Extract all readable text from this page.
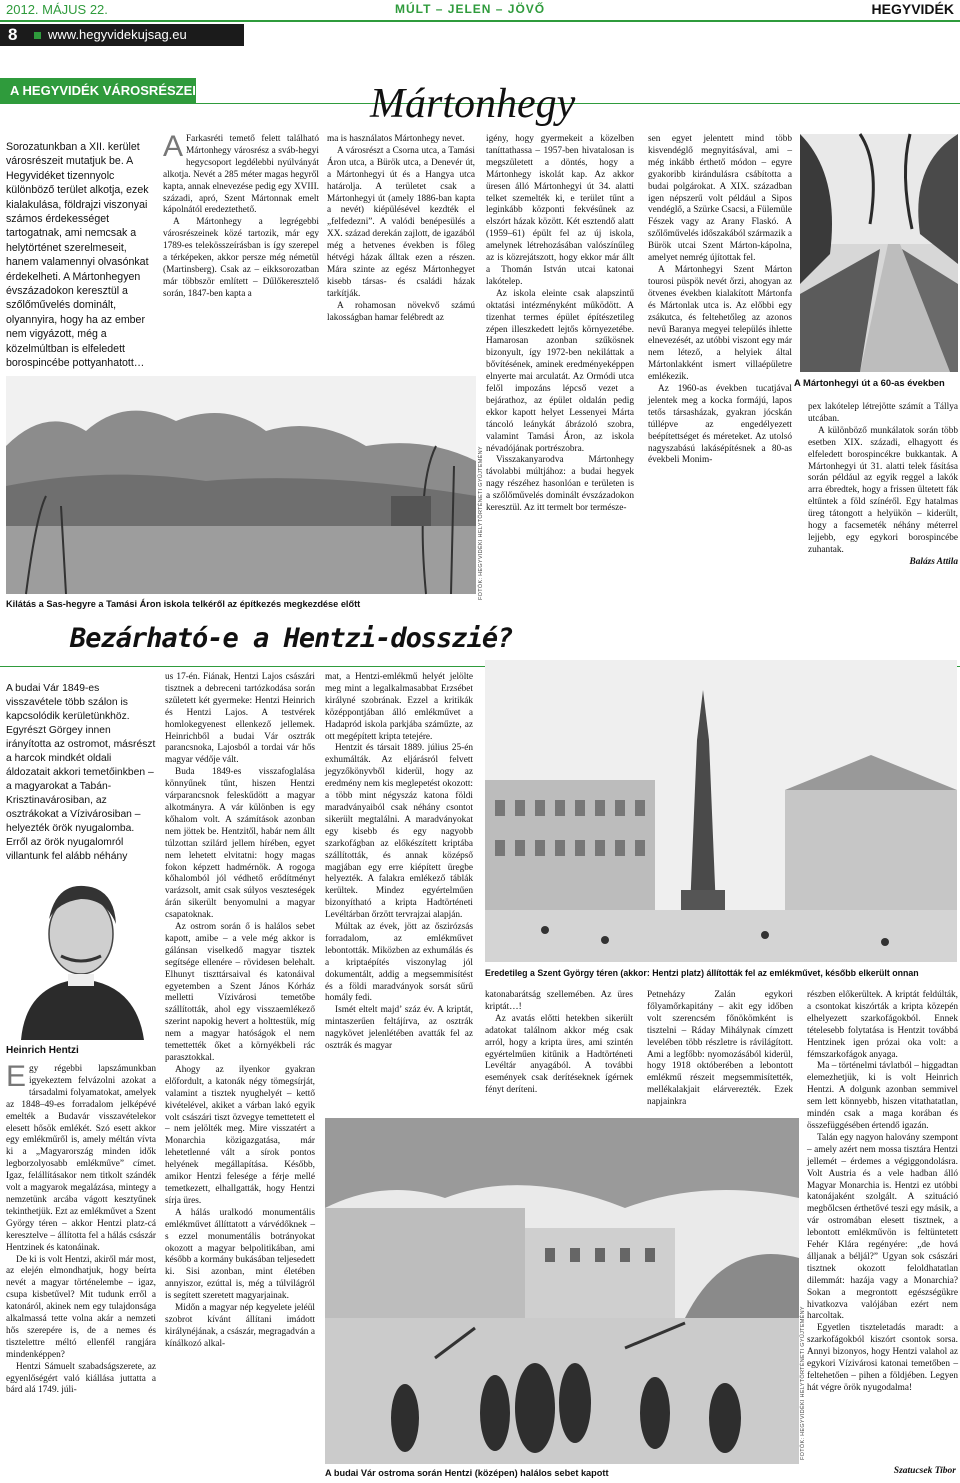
2012. MÁJUS 22.	MÚLT – JELEN – JÖVŐ	HEGYVIDÉK
8 www.hegyvidekujsag.eu
A HEGYVIDÉK VÁROSRÉSZEI	Mártonhegy
Sorozatunkban a XII. kerület városrészeit mutatjuk be. A Hegyvidéket tizennyolc különböző terület alkotja, ezek kialakulása, földrajzi viszonyai számos érdekességet tartogatnak, ami nemcsak a helytörténet szerelmeseit, hanem valamennyi olvasónkat érdekelheti. A Mártonhegyen évszázadokon keresztül a szőlőművelés dominált, olyannyira, hogy ha az ember nem vigyázott, még a közelmúltban is elfeledett borospincébe pottyanhatott…
A Farkasréti temető felett található Mártonhegy városrész a sváb-hegyi hegycsoport legdélebbi nyúlványát alkotja. Nevét a 285 méter magas hegyről kapta, annak elnevezése pedig egy XVIII. századi, apró, Szent Mártonnak emelt kápolnától eredeztethető.

A Mártonhegy a legrégebbi városrészeinek közé tartozik, már egy 1789-es telekösszeírásban is így szerepel a térképeken, akkor persze még németül (Martinsberg). Csak az – eikksorozatban már többször említett – Dűlőkeresztelő során, 1847-ben kapta a

ma is használatos Mártonhegy nevet.

A városrészt a Csorna utca, a Tamási Áron utca, a Bürök utca, a Denevér út, a Mártonhegyi út és a Hangya utca határolja. A területet csak a Mártonhegyi út (amely 1886-ban kapta a nevét) kiépülésével kezdték el „felfedezni”. A valódi benépesülés a XX. század derekán zajlott, de igazából még a hetvenes években is főleg hétvégi házak álltak ezen a részen. Mára szinte az egész Mártonhegyet kisebb társas- és családi házak tarkítják.

A rohamosan növekvő számú lakosságban hamar felébredt az

igény, hogy gyermekeit a közelben taníttathassa – 1957-ben hivatalosan is megszületett a döntés, hogy a Mártonhegy iskolát kap. Az akkor üresen álló Mártonhegyi út 34. alatti telket szemelték ki, e terület tűnt a leginkább központi fekvésűnek az elszórt házak között. Két esztendő alatt (1959–61) épült fel az új iskola, amelynek létrehozásában valószínűleg az is közrejátszott, hogy ekkor már állt a Thomán István utcai katonai lakótelep.

Az iskola eleinte csak alapszintű oktatási intézményként működött. A tizenhat termes épület építészetileg zépen illeszkedett lejtős környezetébe. Hamarosan azonban szűkösnek bizonyult, így 1972-ben nekiláttak a bővítésének, aminek eredményeképpen elnyerte mai arculatát. Az Ormódi utca felől impozáns lépcső vezet a bejárathoz, az épület oldalán pedig ekkor kapott helyet Lessenyei Márta táncoló leánykát ábrázoló szobra, valamint Tamási Áron, az iskola névadójának portrészobra.

Visszakanyarodva Mártonhegy távolabbi múltjához: a budai hegyek nagy részéhez hasonlóan e területen is a szőlőművelés dominált évszázadokon keresztül. Az itt termelt bor természe-

sen egyet jelentett mind több kisvendéglő megnyitásával, ami – még inkább érthető módon – egyre gyakoribb kirándulásra csábította a budai polgárokat. A XIX. században igen népszerű volt például a Sipos vendéglő, a Szürke Csacsi, a Fülemüle Fészek vagy az Arany Flaskó. A szőlőművelés időszakából származik a Bürök utcai Szent Márton-kápolna, amelyet nemrég újítottak fel.

A Mártonhegyi Szent Márton tourosi püspök nevét őrzi, ahogyan az ötvenes években kialakított Mártonfa és Mártonlak utca is. Az előbbi egy zsákutca, és feltehetőleg az azonos nevű Baranya megyei település ihlette elnevezését, az utóbbi viszont egy már nem létező, a helyiek által Mártonlakként ismert villaépületre emlékezik.

Az 1960-as években tucatjával jelentek meg a kocka formájú, lapos tetős társasházak, gyakran jócskán túllépve az engedélyezett beépítettséget és méreteket. Az utolsó nagyszabású lakásépítésnek a 80-as évekbeli Monim-

A Mártonhegyi út a 60-as években

pex lakótelep létrejötte számít a Tállya utcában.

A különböző munkálatok során több esetben XIX. századi, elhagyott és elfeledett borospincékre bukkantak. A Mártonhegyi út 31. alatti telek fásítása során például az egyik reggel a lakók arra ébredtek, hogy a frissen ültetett fák eltűntek a föld színéről. Egy hatalmas üreg tátongott a helyükön – kiderült, hogy a facsemeték néhány méterrel lejjebb, egy egykori borospincébe zuhantak.

Balázs Attila

FOTÓK: HEGYVIDÉKI HELYTÖRTÉNETI GYŰJTEMÉNY
Kilátás a Sas-hegyre a Tamási Áron iskola telkéről az építkezés megkezdése előtt
Bezárható-e a Hentzi-dosszié?
A budai Vár 1849-es visszavétele több szálon is kapcsolódik kerületünkhöz. Egyrészt Görgey innen irányította az ostromot, másrészt a harcok mindkét oldali áldozatait akkori temetőinkben – a magyarokat a Tabán-Krisztinavárosiban, az osztrákokat a Vízivárosiban – helyezték örök nyugalomba. Erről az örök nyugalomról villantunk fel alább néhány
Heinrich Hentzi
E gy régebbi lapszámunkban igyekeztem felvázolni azokat a társadalmi folyamatokat, amelyek az 1848–49-es forradalom jelképévé emelték a Budavár visszavételekor elesett hősök emlékét. Szó esett akkor egy emlékműről is, amely méltán vívta ki a „Magyarország minden idők legborzolyosabb emlékműve” címet. Igaz, felállításakor nem titkolt szándék volt a magyarok megalázása, mintegy a nemzetünk arcába vágott kesztyűnek tekinthetjük. Ezt az emlékművet a Szent György téren – akkor Hentzi platz-cá keresztelve – állította fel a hálás császár Hentzinek és katonáinak.

De ki is volt Hentzi, akiről már most, az elején elmondhatjuk, hogy beírta nevét a magyar történelembe – igaz, csupa kisbetűvel? Mit tudunk erről a katonáról, akinek nem egy tulajdonsága alkalmassá tette volna akár a nemzeti hős szerepére is, de a nemes és tisztelettre méltó ellenfél rangjára mindenképpen?

Hentzi Sámuelt szabadságszerete, az egyenlőségért való kiállása juttatta a bárd alá 1749. júli-

us 17-én. Fiának, Hentzi Lajos császári tisztnek a debreceni tartózkodása során született két gyermeke: Hentzi Heinrich és Hentzi Lajos. A testvérek homlokegyenest ellenkező jellemek. Heinrichből a budai Vár osztrák parancsnoka, Lajosból a tordai vár hős magyar védője vált.

Buda 1849-es visszafoglalása könnyűnek tűnt, hiszen Hentzi várparancsnok feleskűdött a magyar alkotmányra. A vár különben is egy kőhalom volt. A számítások azonban nem jöttek be. Hentzitől, habár nem állt túlzottan szilárd jellem hírében, egyet nem lehetett elvitatni: hogy magas fokon képzett hadmérnök. A rogoga kőhalomból jól védhető erődítményt varázsolt, amit csak súlyos veszteségek árán sikerült benyomulni a magyar csapatoknak.

Az ostrom során ő is halálos sebet kapott, amibe – a vele még akkor is gálánsan viselkedő magyar tisztek segítsége ellenére – rövidesen belehalt. Elhunyt tiszttársaival és katonáival egyetemben a Szent János Kórház melletti Vízivárosi temetőbe szállították, ahol egy visszaemlékező szerint napokig hevert a holttestük, míg nem a magyar hatóságok el nem temettették őket a környékbeli rác parasztokkal.

Ahogy az ilyenkor gyakran előfordult, a katonák négy tömegsírját, valamint a tisztek nyughelyét – kettő kivételével, akiket a várban lakó egyik volt császári tiszt özvegye temettetett el – nem jelölték meg. Mire visszatért a Monarchia közigazgatása, már lehetetlenné vált a sírok pontos helyének megállapítása. Később, amikor Hentzi felesége a férje mellé temetkezett, elhallgatták, hogy Hentzi sírja üres.

A hálás uralkodó monumentális emlékművet állíttatott a várvédőknek – s ezzel monumentális botrányokat okozott a magyar belpolitikában, ami később a kormány bukásában teljesedett ki. Sisi azonban, mint életében annyiszor, ezúttal is, még a túlvilágról is segített szeretett magyarjainak.

Midőn a magyar nép kegyelete jeléül szobrot kívánt állítani imádott királynéjának, a császár, megragadván a kínálkozó alkal-

mat, a Hentzi-emlékmű helyét jelölte meg mint a legalkalmasabbat Erzsébet királyné szobrának. Ezzel a kritikák középpontjában álló emlékművet a Hadapród iskola parkjába száműzte, az ott megépített kripta tetejére.

Hentzit és társait 1889. július 25-én exhumálták. Az eljárásról felvett jegyzőkönyvből kiderül, hogy az eredmény nem kis meglepetést okozott: a több mint négyszáz katona földi maradványaiból csak néhány csontot sikerült megtalálni. A maradványokat egy kisebb és egy nagyobb szarkofágban az előkészített kriptába szállították, és annak középső magjában egy erre kiépített üregbe helyezték. A falakra emlékező táblák kerültek. Mindez egyértelműen bizonyítható a kripta Hadtörténeti Levéltárban őrzött tervrajzai alapján.

Múltak az évek, jött az őszirózsás forradalom, az emlékművet lebontották. Miközben az exhumálás és a kriptaépítés viszonylag jól dokumentált, addig a megsemmisítést és a földi maradványok sorsát sűrű homály fedi.

Ismét eltelt majd’ száz év. A kriptát, mintaszerűen feltájírva, az osztrák nagykövet jelenlétében avatták fel az osztrák és magyar

Eredetileg a Szent György téren (akkor: Hentzi platz) állították fel az emlékművet, később elkerült onnan

katonabarátság szellemében. Az üres kriptát…!

Az avatás előtti hetekben sikerült adatokat találnom akkor még csak arról, hogy a kripta üres, ami szintén egyértelműen kitűnik a Hadtörténeti Levéltár anyagából. A további események csak derítéseknek ígérnek fényt deríteni.

Petneházy Zalán egykori főlyamőrkapitány – akit egy időben volt szerencsém főnökömként is tisztelni – Ráday Mihálynak címzett levelében több részletre is rávilágított. Ami a legfőbb: nyomozásából kiderül, hogy 1918 októberében a lebontott emlékmű részeit megsemmisítették, mellékalakjait elárverezték. Ezek napjainkra

részben előkerültek. A kriptát feldúlták, a csontokat kiszórták a kripta közepén elhelyezett szarkofágokból. Ennek tételesebb folytatása is Hentzit továbbá Hentzinek igen prózai oka volt: a fémszarkofágok anyaga.

Ma – történelmi távlatból – higgadtan elemezhetjük, ki is volt Heinrich Hentzi. A dolgunk azonban semmivel sem lett könnyebb, hiszen vitathatatlan, mindén csak a maga korában és összefüggésében értendő igazán.

Talán egy nagyon halovány szempont – amely azért nem mossa tisztára Hentzi jellemét – érdemes a végiggondolásra. Volt Austria és a vele hadban álló Magyar Monarchia is. Hentzi ez utóbbi katonájaként szolgált. A szituáció megbőlcsen érthetővé teszi egy másik, a vár ostromában elesett tisztnek, a lebontott emlékművön is feltüntetett Fehér Klára regényére: „de hová álljanak a béljál?” Ugyan sok császári tisztnek okozott feloldhatatlan dilemmát: hazája vagy a Monarchia? Sokan a megrontott egészségükre hivatkozva valójában ezért nem harcoltak.

Egyetlen tiszteletadás maradt: a szarkofágokból kiszórt csontok sorsa. Annyi bizonyos, hogy Hentzi valahol az egykori Vízivárosi katonai temetőben – feltehetően – pihen a földjében. Legyen hát végre örök nyugodalma!

Szatucsek Tibor
FOTÓK: HEGYVIDÉKI HELYTÖRTÉNETI GYŰJTEMÉNY
A budai Vár ostroma során Hentzi (középen) halálos sebet kapott
